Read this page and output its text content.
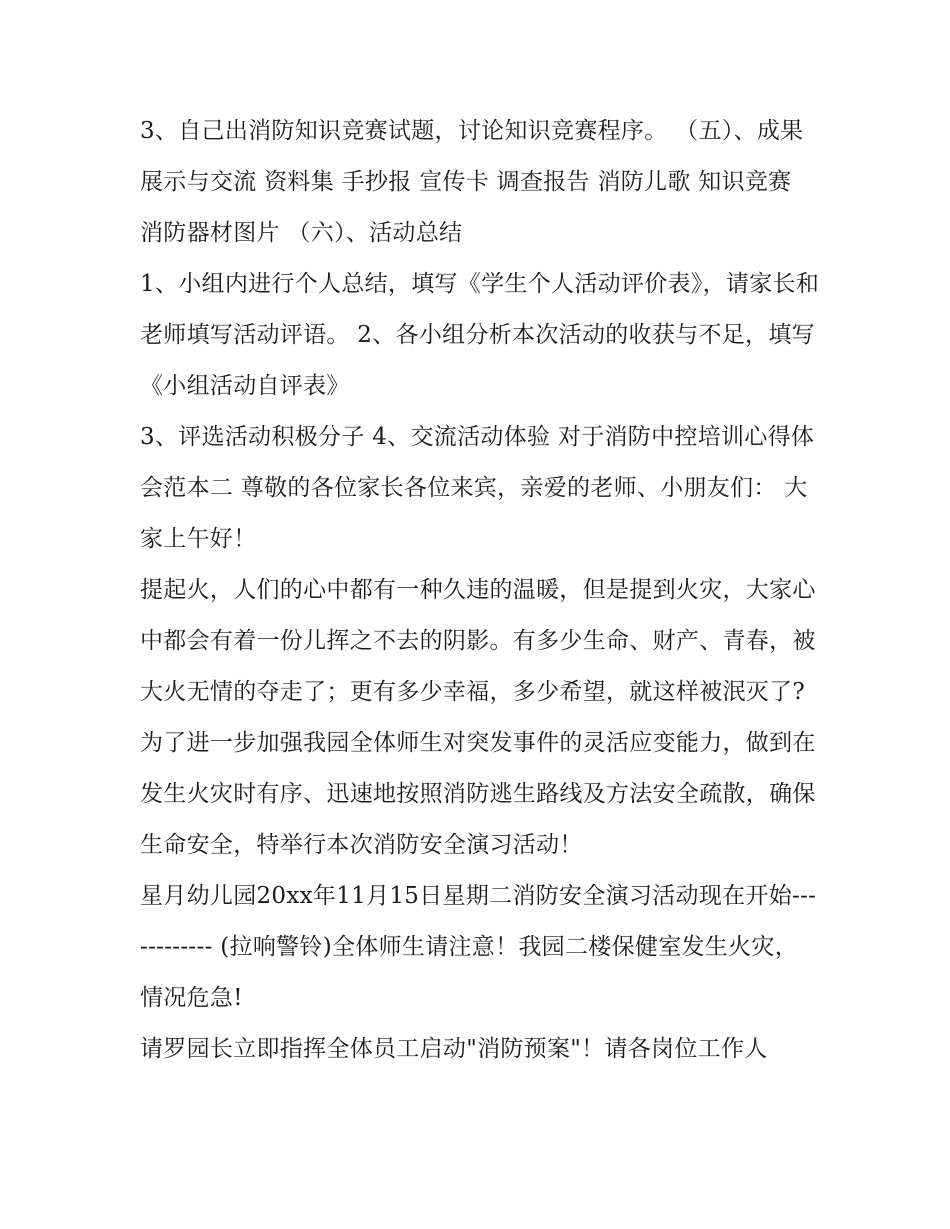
3、自己出消防知识竞赛试题，讨论知识竞赛程序。 （五）、成果展示与交流 资料集 手抄报 宣传卡 调查报告 消防儿歌 知识竞赛 消防器材图片 （六）、活动总结

1、小组内进行个人总结，填写《学生个人活动评价表》，请家长和老师填写活动评语。 2、各小组分析本次活动的收获与不足，填写《小组活动自评表》

3、评选活动积极分子 4、交流活动体验 对于消防中控培训心得体会范本二 尊敬的各位家长各位来宾，亲爱的老师、小朋友们： 大家上午好！

提起火，人们的心中都有一种久违的温暖，但是提到火灾，大家心中都会有着一份儿挥之不去的阴影。有多少生命、财产、青春，被大火无情的夺走了；更有多少幸福，多少希望，就这样被泯灭了?

为了进一步加强我园全体师生对突发事件的灵活应变能力，做到在发生火灾时有序、迅速地按照消防逃生路线及方法安全疏散，确保生命安全，特举行本次消防安全演习活动！

星月幼儿园20xx年11月15日星期二消防安全演习活动现在开始------------ (拉响警铃)全体师生请注意！我园二楼保健室发生火灾，情况危急!

请罗园长立即指挥全体员工启动"消防预案"！请各岗位工作人
